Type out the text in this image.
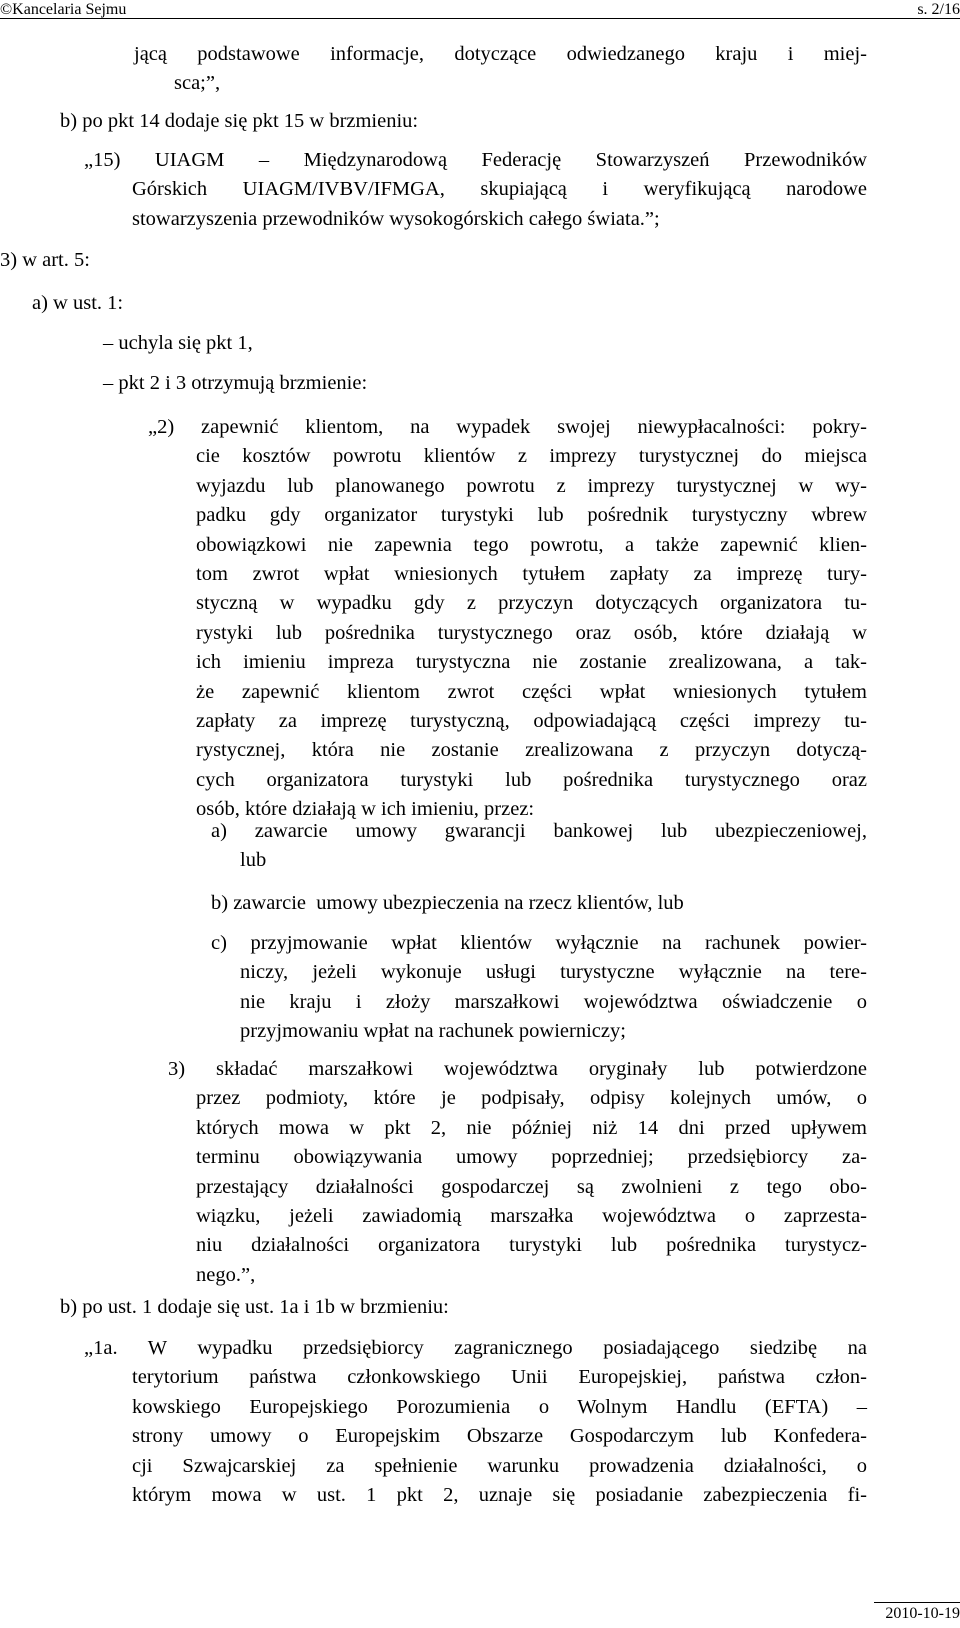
©Kancelaria Sejmu	s. 2/16
jącą podstawowe informacje, dotyczące odwiedzanego kraju i miej-
sca;”,
b) po pkt 14 dodaje się pkt 15 w brzmieniu:
„15) UIAGM – Międzynarodową Federację Stowarzyszeń Przewodników
Górskich UIAGM/IVBV/IFMGA, skupiającą i weryfikującą narodowe
stowarzyszenia przewodników wysokogórskich całego świata.”;
3) w art. 5:
a) w ust. 1:
– uchyla się pkt 1,
– pkt 2 i 3 otrzymują brzmienie:
„2) zapewnić klientom, na wypadek swojej niewypłacalności: pokry-
cie kosztów powrotu klientów z imprezy turystycznej do miejsca
wyjazdu lub planowanego powrotu z imprezy turystycznej w wy-
padku gdy organizator turystyki lub pośrednik turystyczny wbrew
obowiązkowi nie zapewnia tego powrotu, a także zapewnić klien-
tom zwrot wpłat wniesionych tytułem zapłaty za imprezę tury-
styczną w wypadku gdy z przyczyn dotyczących organizatora tu-
rystyki lub pośrednika turystycznego oraz osób, które działają w
ich imieniu impreza turystyczna nie zostanie zrealizowana, a tak-
że zapewnić klientom zwrot części wpłat wniesionych tytułem
zapłaty za imprezę turystyczną, odpowiadającą części imprezy tu-
rystycznej, która nie zostanie zrealizowana z przyczyn dotyczą-
cych organizatora turystyki lub pośrednika turystycznego oraz
osób, które działają w ich imieniu, przez:
a) zawarcie umowy gwarancji bankowej lub ubezpieczeniowej,
lub
b) zawarcie  umowy ubezpieczenia na rzecz klientów, lub
c) przyjmowanie wpłat klientów wyłącznie na rachunek powier-
niczy, jeżeli wykonuje usługi turystyczne wyłącznie na tere-
nie kraju i złoży marszałkowi województwa oświadczenie o
przyjmowaniu wpłat na rachunek powierniczy;
3) składać marszałkowi województwa oryginały lub potwierdzone
przez podmioty, które je podpisały, odpisy kolejnych umów, o
których mowa w pkt 2, nie później niż 14 dni przed upływem
terminu obowiązywania umowy poprzedniej; przedsiębiorcy za-
przestający działalności gospodarczej są zwolnieni z tego obo-
wiązku, jeżeli zawiadomią marszałka województwa o zaprzesta-
niu działalności organizatora turystyki lub pośrednika turystycz-
nego.”,
b) po ust. 1 dodaje się ust. 1a i 1b w brzmieniu:
„1a. W wypadku przedsiębiorcy zagranicznego posiadającego siedzibę na
terytorium państwa członkowskiego Unii Europejskiej, państwa człon-
kowskiego Europejskiego Porozumienia o Wolnym Handlu (EFTA) –
strony umowy o Europejskim Obszarze Gospodarczym lub Konfedera-
cji Szwajcarskiej za spełnienie warunku prowadzenia działalności, o
którym mowa w ust. 1 pkt 2, uznaje się posiadanie zabezpieczenia fi-
2010-10-19
